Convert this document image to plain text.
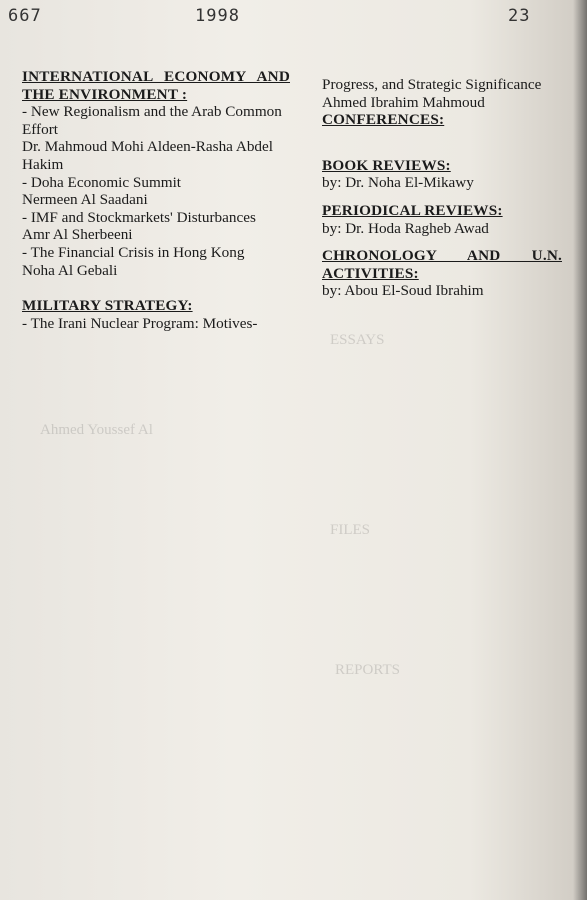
667	1998	23
INTERNATIONAL ECONOMY AND THE ENVIRONMENT :
- New Regionalism and the Arab Common Effort
Dr. Mahmoud Mohi Aldeen-Rasha Abdel Hakim
- Doha Economic Summit
Nermeen Al Saadani
- IMF and Stockmarkets' Disturbances
Amr Al Sherbeeni
- The Financial Crisis in Hong Kong
Noha Al Gebali
MILITARY STRATEGY:
- The Irani Nuclear Program: Motives-
Progress, and Strategic Significance
Ahmed Ibrahim Mahmoud
CONFERENCES:
BOOK REVIEWS:
by: Dr. Noha El-Mikawy
PERIODICAL REVIEWS:
by: Dr. Hoda Ragheb Awad
CHRONOLOGY AND U.N. ACTIVITIES:
by: Abou El-Soud Ibrahim
